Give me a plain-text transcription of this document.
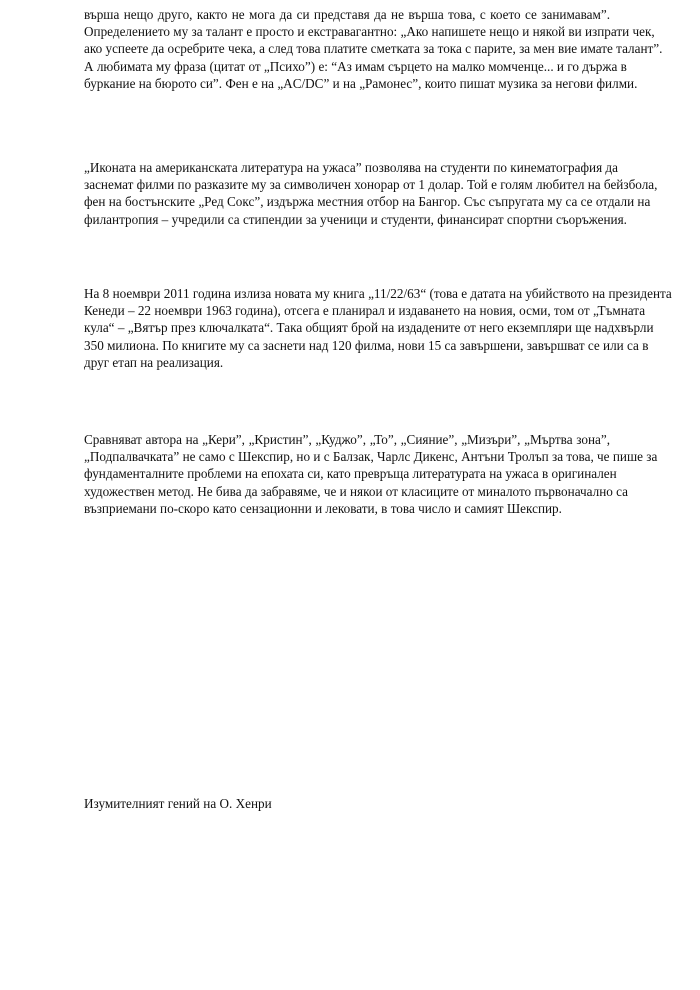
върша нещо друго, както не мога да си представя да не върша това, с което се занимавам”.
Определението му за талант е просто и екстравагантно: „Ако напишете нещо и някой ви изпрати чек,
ако успеете да осребрите чека, а след това платите сметката за тока с парите, за мен вие имате талант”.
А любимата му фраза (цитат от „Психо”) е: “Аз имам сърцето на малко момченце... и го държа в
буркание на бюрото си”. Фен е на „AC/DC” и на „Рамонес”, които пишат музика за негови филми.

„Иконата на американската литература на ужаса” позволява на студенти по кинематография да
заснемат филми по разказите му за символичен хонорар от 1 долар. Той е голям любител на бейзбола,
фен на бостънските „Ред Сокс”, издържа местния отбор на Бангор. Със съпругата му са се отдали на
филантропия – учредили са стипендии за ученици и студенти, финансират спортни съоръжения.

На 8 ноември 2011 година излиза новата му книга „11/22/63“ (това е датата на убийството на президента
Кенеди – 22 ноември 1963 година), отсега е планирал и издаването на новия, осми, том от „Тъмната
кула“ – „Вятър през ключалката“. Така общият брой на издадените от него екземпляри ще надхвърли
350 милиона. По книгите му са заснети над 120 филма, нови 15 са завършени, завършват се или са в
друг етап на реализация.

Сравняват автора на „Кери”, „Кристин”, „Куджо”, „То”, „Сияние”, „Мизъри”, „Мъртва зона”,
„Подпалвачката” не само с Шекспир, но и с Балзак, Чарлс Дикенс, Антъни Тролъп за това, че пише за
фундаменталните проблеми на епохата си, като превръща литературата на ужаса в оригинален
художествен метод. Не бива да забравяме, че и някои от класиците от миналото първоначално са
възприемани по-скоро като сензационни и лековати, в това число и самият Шекспир.

Изумителният гений на О. Хенри
